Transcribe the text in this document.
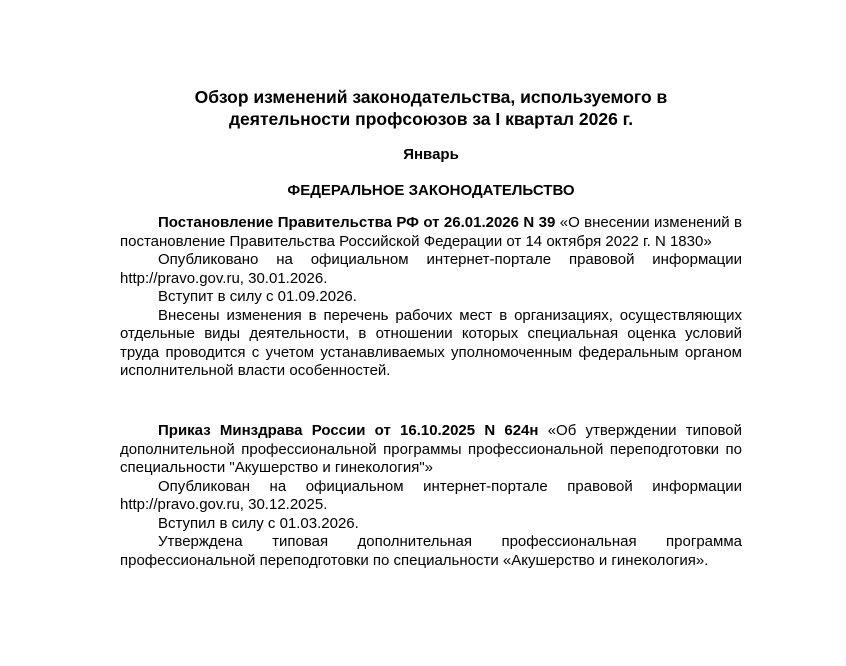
Обзор изменений законодательства, используемого в
деятельности профсоюзов за I квартал 2026 г.
Январь
ФЕДЕРАЛЬНОЕ ЗАКОНОДАТЕЛЬСТВО

Постановление Правительства РФ от 26.01.2026 N 39 «О внесении изменений в постановление Правительства Российской Федерации от 14 октября 2022 г. N 1830»

Опубликовано на официальном интернет-портале правовой информации http://pravo.gov.ru, 30.01.2026.

Вступит в силу с 01.09.2026.

Внесены изменения в перечень рабочих мест в организациях, осуществляющих отдельные виды деятельности, в отношении которых специальная оценка условий труда проводится с учетом устанавливаемых уполномоченным федеральным органом исполнительной власти особенностей.

Приказ Минздрава России от 16.10.2025 N 624н «Об утверждении типовой дополнительной профессиональной программы профессиональной переподготовки по специальности "Акушерство и гинекология"»

Опубликован на официальном интернет-портале правовой информации http://pravo.gov.ru, 30.12.2025.

Вступил в силу с 01.03.2026.

Утверждена типовая дополнительная профессиональная программа профессиональной переподготовки по специальности «Акушерство и гинекология».
